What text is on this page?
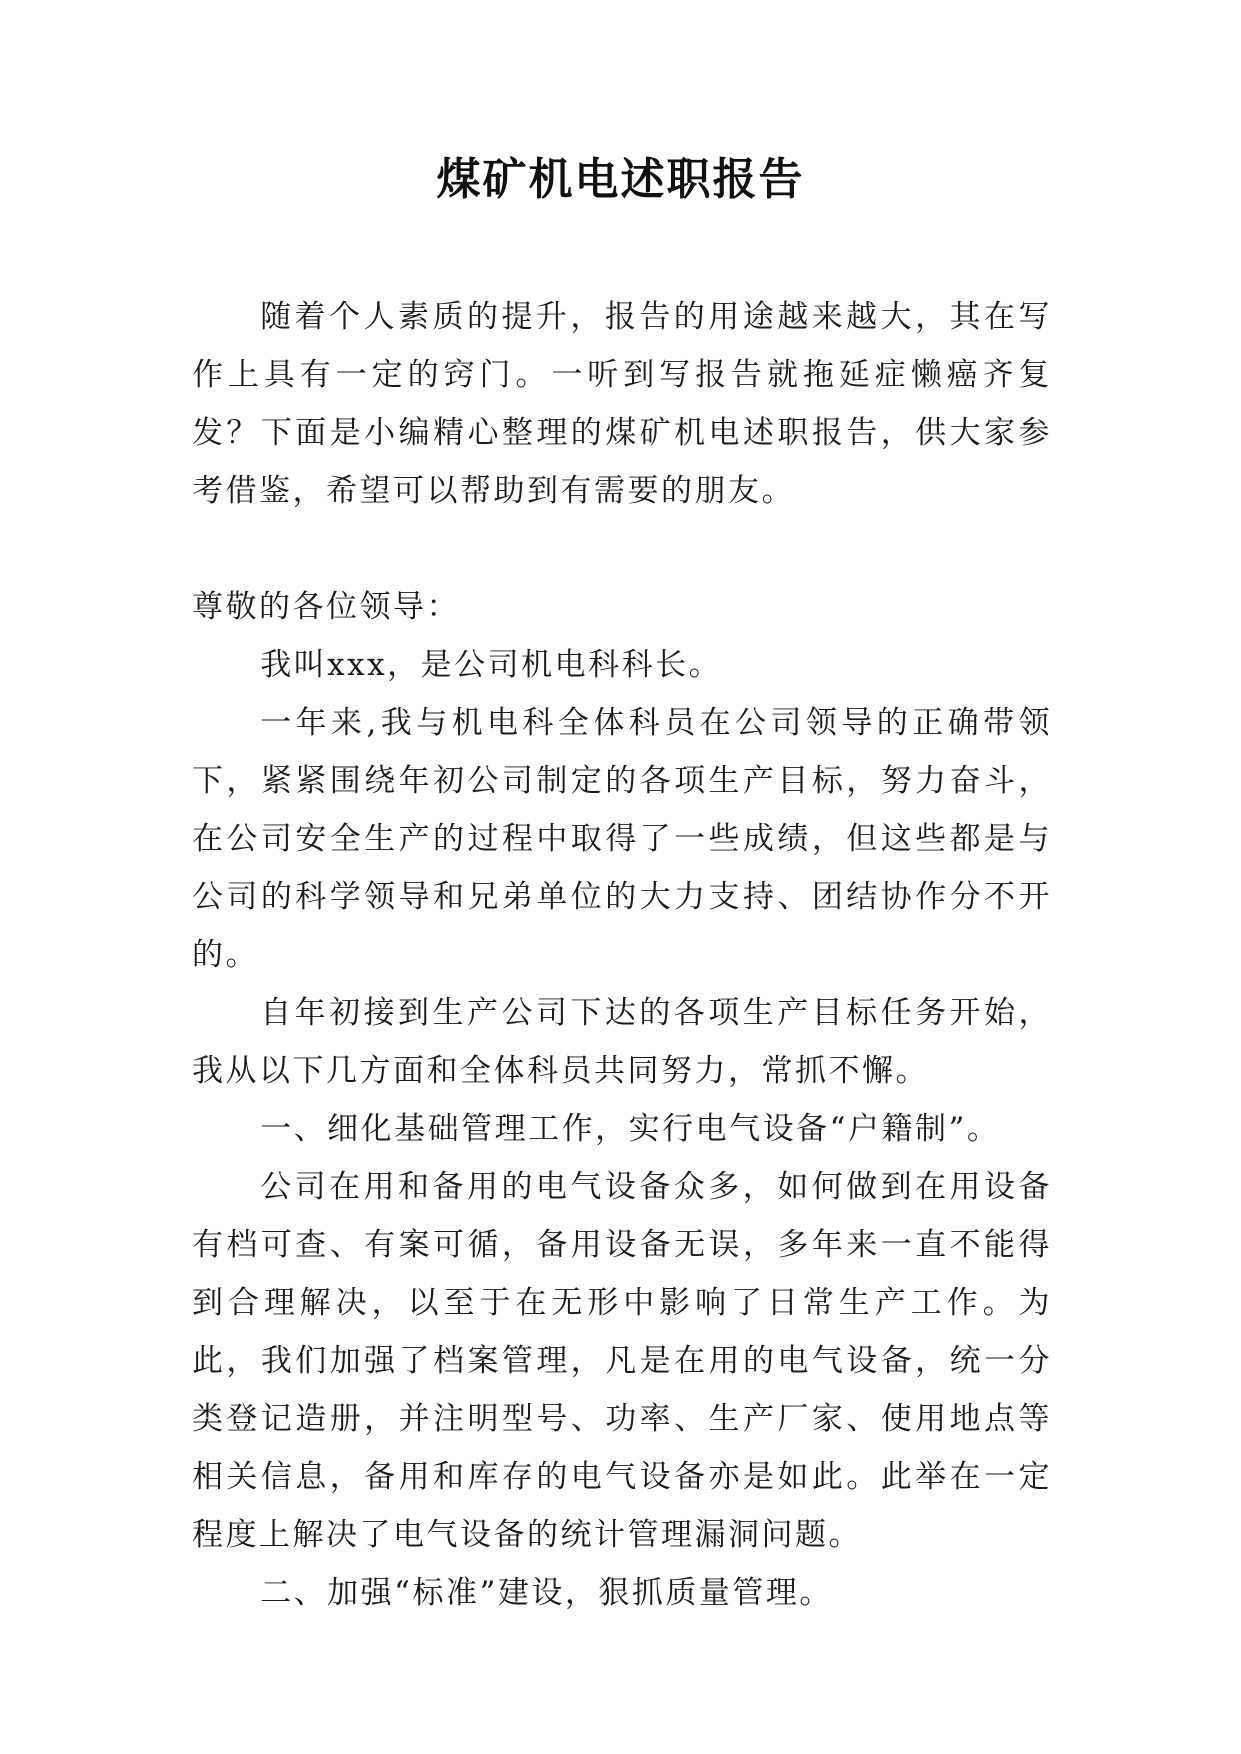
煤矿机电述职报告

随着个人素质的提升，报告的用途越来越大，其在写作上具有一定的窍门。一听到写报告就拖延症懒癌齐复发？下面是小编精心整理的煤矿机电述职报告，供大家参考借鉴，希望可以帮助到有需要的朋友。

尊敬的各位领导：

我叫xxx，是公司机电科科长。

一年来,我与机电科全体科员在公司领导的正确带领下，紧紧围绕年初公司制定的各项生产目标，努力奋斗，在公司安全生产的过程中取得了一些成绩，但这些都是与公司的科学领导和兄弟单位的大力支持、团结协作分不开的。

自年初接到生产公司下达的各项生产目标任务开始，我从以下几方面和全体科员共同努力，常抓不懈。

一、细化基础管理工作，实行电气设备“户籍制”。

公司在用和备用的电气设备众多，如何做到在用设备有档可查、有案可循，备用设备无误，多年来一直不能得到合理解决，以至于在无形中影响了日常生产工作。为此，我们加强了档案管理，凡是在用的电气设备，统一分类登记造册，并注明型号、功率、生产厂家、使用地点等相关信息，备用和库存的电气设备亦是如此。此举在一定程度上解决了电气设备的统计管理漏洞问题。

二、加强“标准”建设，狠抓质量管理。
